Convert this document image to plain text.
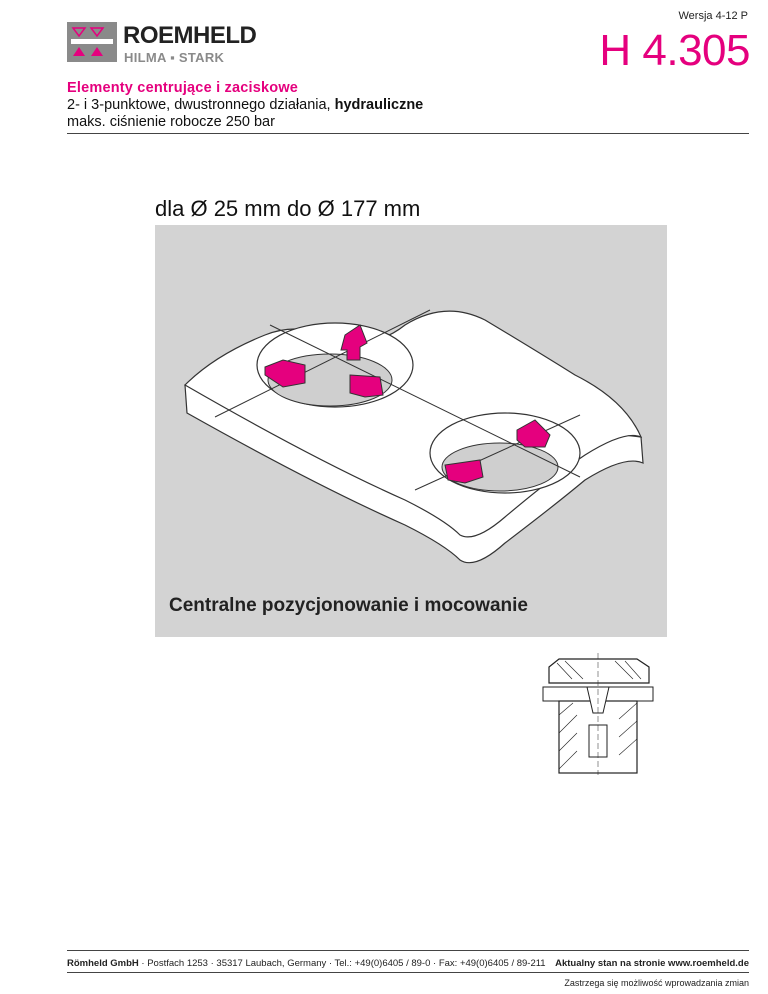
ROEMHELD
HILMA ▪ STARK
Wersja 4-12 P
H 4.305
Elementy centrujące i zaciskowe
2- i 3-punktowe, dwustronnego działania, hydrauliczne
maks. ciśnienie robocze 250 bar
dla Ø 25 mm do Ø 177 mm
Centralne pozycjonowanie i mocowanie
Römheld GmbH · Postfach 1253 · 35317 Laubach, Germany · Tel.: +49(0)6405 / 89-0 · Fax: +49(0)6405 / 89-211 Aktualny stan na stronie www.roemheld.de
Zastrzega się możliwość wprowadzania zmian
